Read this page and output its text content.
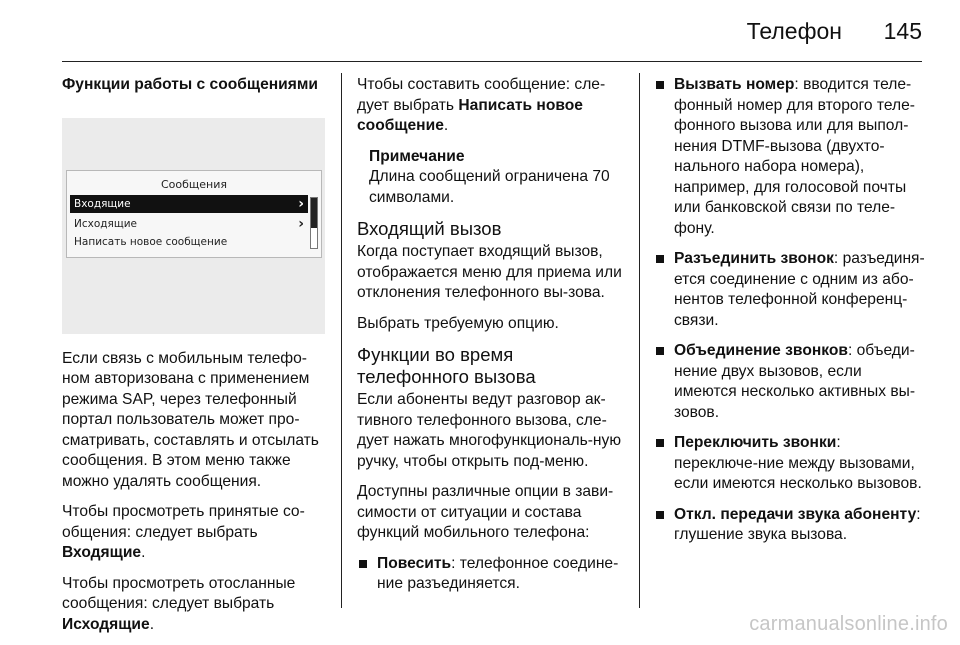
Телефон 145
Функции работы с сообщениями
Сообщения
Входящие	›
Исходящие	›
Написать новое сообщение

Если связь с мобильным телефо-ном авторизована с применением режима SAP, через телефонный портал пользователь может про-сматривать, составлять и отсылать сообщения. В этом меню также можно удалять сообщения.

Чтобы просмотреть принятые со-общения: следует выбрать Входящие.

Чтобы просмотреть отосланные сообщения: следует выбрать Исходящие.

Чтобы составить сообщение: сле-дует выбрать Написать новое сообщение.

Примечание
Длина сообщений ограничена 70 символами.
Входящий вызов

Когда поступает входящий вызов, отображается меню для приема или отклонения телефонного вы-зова.

Выбрать требуемую опцию.

Функции во время телефонного вызова

Если абоненты ведут разговор ак-тивного телефонного вызова, сле-дует нажать многофункциональ-ную ручку, чтобы открыть под-меню.

Доступны различные опции в зави-симости от ситуации и состава функций мобильного телефона:

Повесить: телефонное соедине-ние разъединяется.
Вызвать номер: вводится теле-фонный номер для второго теле-фонного вызова или для выпол-нения DTMF-вызова (двухто-нального набора номера), например, для голосовой почты или банковской связи по теле-фону.
Разъединить звонок: разъединя-ется соединение с одним из або-нентов телефонной конференц-связи.
Объединение звонков: объеди-нение двух вызовов, если имеются несколько активных вы-зовов.
Переключить звонки: переключе-ние между вызовами, если имеются несколько вызовов.
Откл. передачи звука абоненту: глушение звука вызова.
carmanualsonline.info
